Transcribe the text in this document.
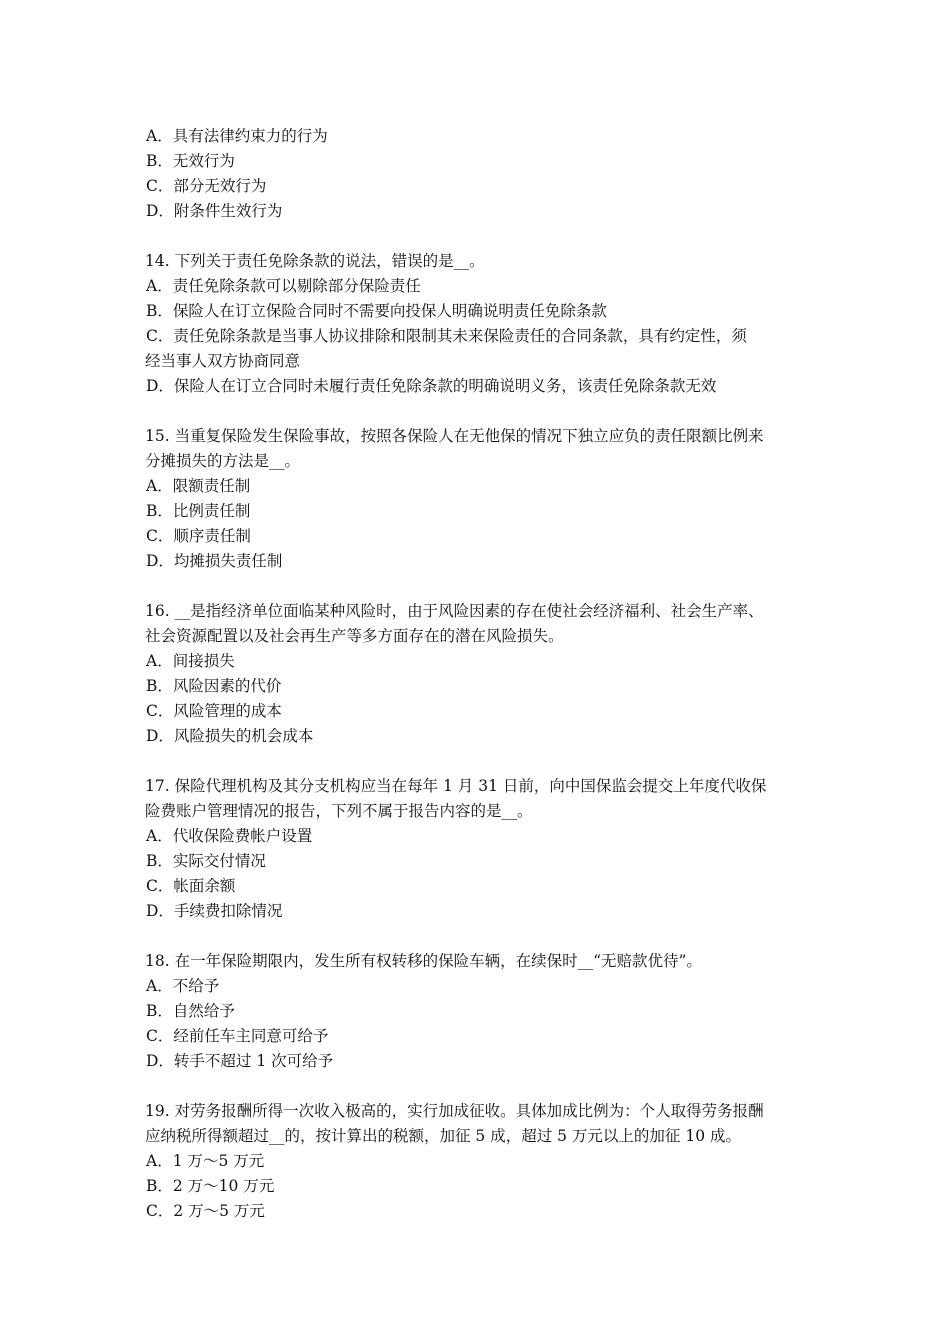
A．具有法律约束力的行为
B．无效行为
C．部分无效行为
D．附条件生效行为
14. 下列关于责任免除条款的说法，错误的是__。
A．责任免除条款可以剔除部分保险责任
B．保险人在订立保险合同时不需要向投保人明确说明责任免除条款
C．责任免除条款是当事人协议排除和限制其未来保险责任的合同条款，具有约定性，须
经当事人双方协商同意
D．保险人在订立合同时未履行责任免除条款的明确说明义务，该责任免除条款无效
15. 当重复保险发生保险事故，按照各保险人在无他保的情况下独立应负的责任限额比例来
分摊损失的方法是__。
A．限额责任制
B．比例责任制
C．顺序责任制
D．均摊损失责任制
16. __是指经济单位面临某种风险时，由于风险因素的存在使社会经济福利、社会生产率、
社会资源配置以及社会再生产等多方面存在的潜在风险损失。
A．间接损失
B．风险因素的代价
C．风险管理的成本
D．风险损失的机会成本
17. 保险代理机构及其分支机构应当在每年 1 月 31 日前，向中国保监会提交上年度代收保
险费账户管理情况的报告，下列不属于报告内容的是__。
A．代收保险费帐户设置
B．实际交付情况
C．帐面余额
D．手续费扣除情况
18. 在一年保险期限内，发生所有权转移的保险车辆，在续保时__“无赔款优待”。
A．不给予
B．自然给予
C．经前任车主同意可给予
D．转手不超过 1 次可给予
19. 对劳务报酬所得一次收入极高的，实行加成征收。具体加成比例为：个人取得劳务报酬
应纳税所得额超过__的，按计算出的税额，加征 5 成，超过 5 万元以上的加征 10 成。
A．1 万～5 万元
B．2 万～10 万元
C．2 万～5 万元
